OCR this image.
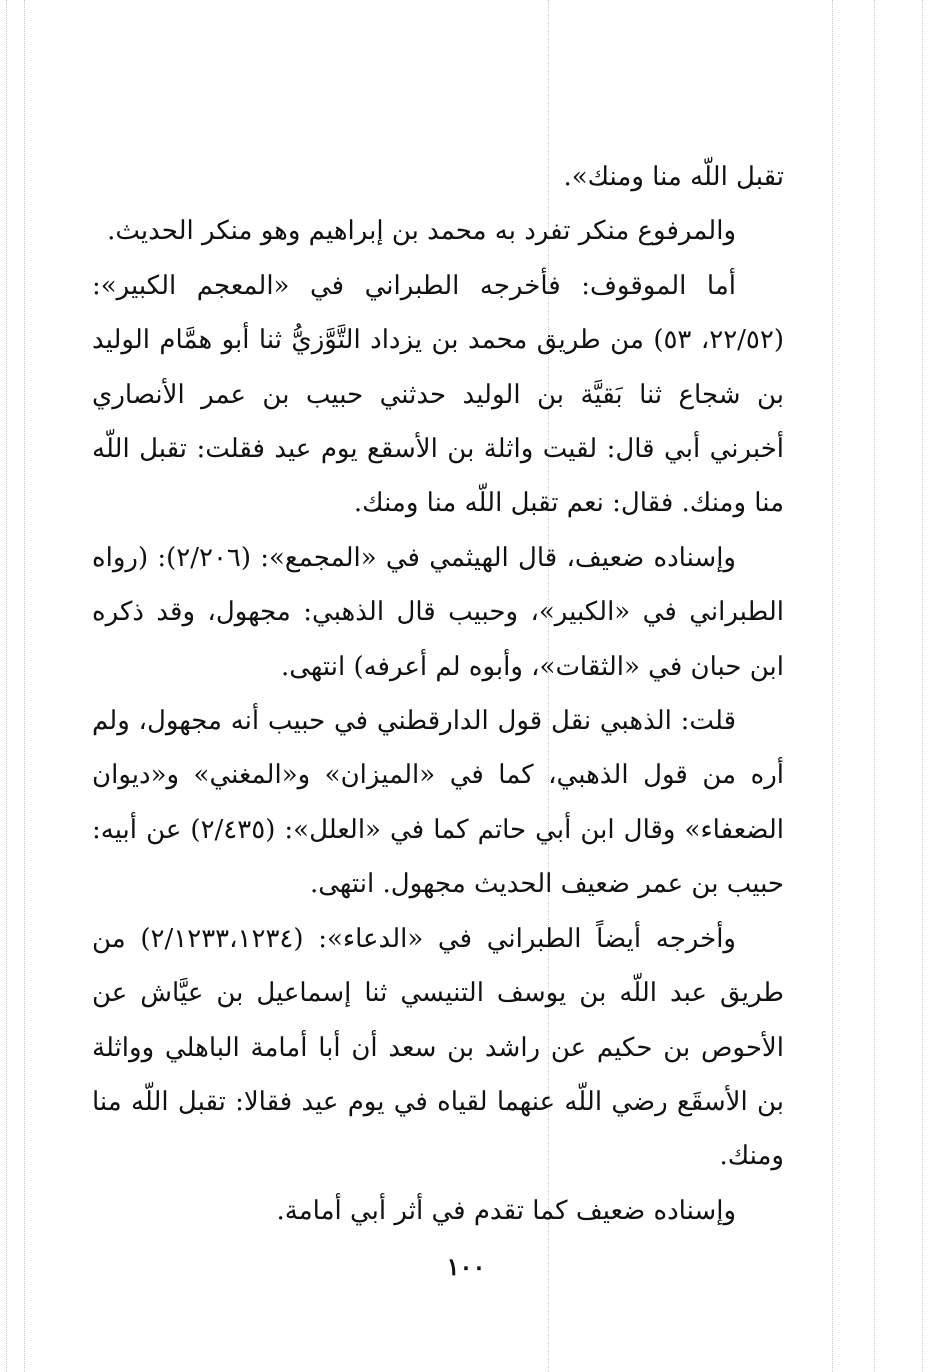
تقبل اللّه منا ومنك».

والمرفوع منكر تفرد به محمد بن إبراهيم وهو منكر الحديث.

أما الموقوف: فأخرجه الطبراني في «المعجم الكبير»: (٢٢/٥٢، ٥٣) من طريق محمد بن يزداد التَّوَّزيُّ ثنا أبو همَّام الوليد بن شجاع ثنا بَقيَّة بن الوليد حدثني حبيب بن عمر الأنصاري أخبرني أبي قال: لقيت واثلة بن الأسقع يوم عيد فقلت: تقبل اللّه منا ومنك. فقال: نعم تقبل اللّه منا ومنك.

وإسناده ضعيف، قال الهيثمي في «المجمع»: (٢/٢٠٦): (رواه الطبراني في «الكبير»، وحبيب قال الذهبي: مجهول، وقد ذكره ابن حبان في «الثقات»، وأبوه لم أعرفه) انتهى.

قلت: الذهبي نقل قول الدارقطني في حبيب أنه مجهول، ولم أره من قول الذهبي، كما في «الميزان» و«المغني» و«ديوان الضعفاء» وقال ابن أبي حاتم كما في «العلل»: (٢/٤٣٥) عن أبيه: حبيب بن عمر ضعيف الحديث مجهول. انتهى.

وأخرجه أيضاً الطبراني في «الدعاء»: (٢/١٢٣٣،١٢٣٤) من طريق عبد اللّه بن يوسف التنيسي ثنا إسماعيل بن عيَّاش عن الأحوص بن حكيم عن راشد بن سعد أن أبا أمامة الباهلي وواثلة بن الأسقَع رضي اللّه عنهما لقياه في يوم عيد فقالا: تقبل اللّه منا ومنك.

وإسناده ضعيف كما تقدم في أثر أبي أمامة.

١٠٠
